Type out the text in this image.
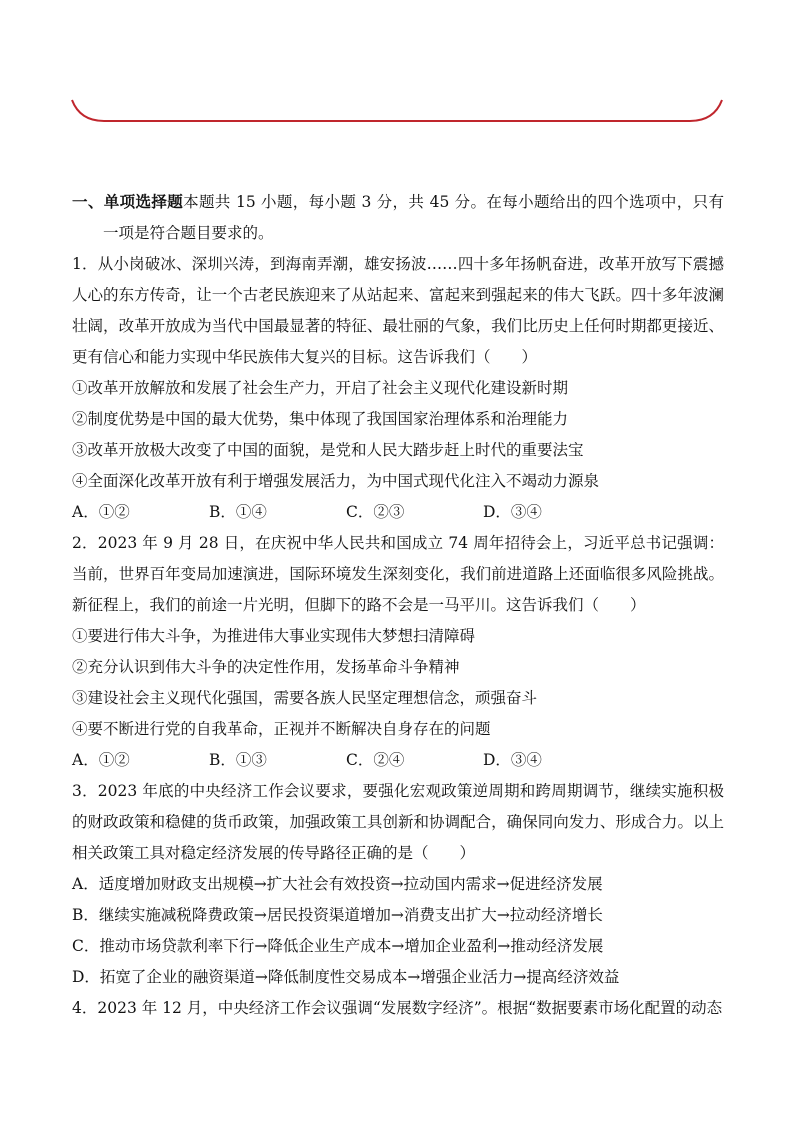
一、单项选择题本题共 15 小题，每小题 3 分，共 45 分。在每小题给出的四个选项中，只有一项是符合题目要求的。

1．从小岗破冰、深圳兴涛，到海南弄潮，雄安扬波……四十多年扬帆奋进，改革开放写下震撼人心的东方传奇，让一个古老民族迎来了从站起来、富起来到强起来的伟大飞跃。四十多年波澜壮阔，改革开放成为当代中国最显著的特征、最壮丽的气象，我们比历史上任何时期都更接近、更有信心和能力实现中华民族伟大复兴的目标。这告诉我们（　　）

①改革开放解放和发展了社会生产力，开启了社会主义现代化建设新时期

②制度优势是中国的最大优势，集中体现了我国国家治理体系和治理能力

③改革开放极大改变了中国的面貌，是党和人民大踏步赶上时代的重要法宝

④全面深化改革开放有利于增强发展活力，为中国式现代化注入不竭动力源泉

A．①②	B．①④	C．②③	D．③④

2．2023 年 9 月 28 日，在庆祝中华人民共和国成立 74 周年招待会上，习近平总书记强调：当前，世界百年变局加速演进，国际环境发生深刻变化，我们前进道路上还面临很多风险挑战。新征程上，我们的前途一片光明，但脚下的路不会是一马平川。这告诉我们（　　）

①要进行伟大斗争，为推进伟大事业实现伟大梦想扫清障碍

②充分认识到伟大斗争的决定性作用，发扬革命斗争精神

③建设社会主义现代化强国，需要各族人民坚定理想信念，顽强奋斗

④要不断进行党的自我革命，正视并不断解决自身存在的问题

A．①②	B．①③	C．②④	D．③④

3．2023 年底的中央经济工作会议要求，要强化宏观政策逆周期和跨周期调节，继续实施积极的财政政策和稳健的货币政策，加强政策工具创新和协调配合，确保同向发力、形成合力。以上相关政策工具对稳定经济发展的传导路径正确的是（　　）

A．适度增加财政支出规模→扩大社会有效投资→拉动国内需求→促进经济发展

B．继续实施减税降费政策→居民投资渠道增加→消费支出扩大→拉动经济增长

C．推动市场贷款利率下行→降低企业生产成本→增加企业盈利→推动经济发展

D．拓宽了企业的融资渠道→降低制度性交易成本→增强企业活力→提高经济效益

4．2023 年 12 月，中央经济工作会议强调“发展数字经济”。根据“数据要素市场化配置的动态
